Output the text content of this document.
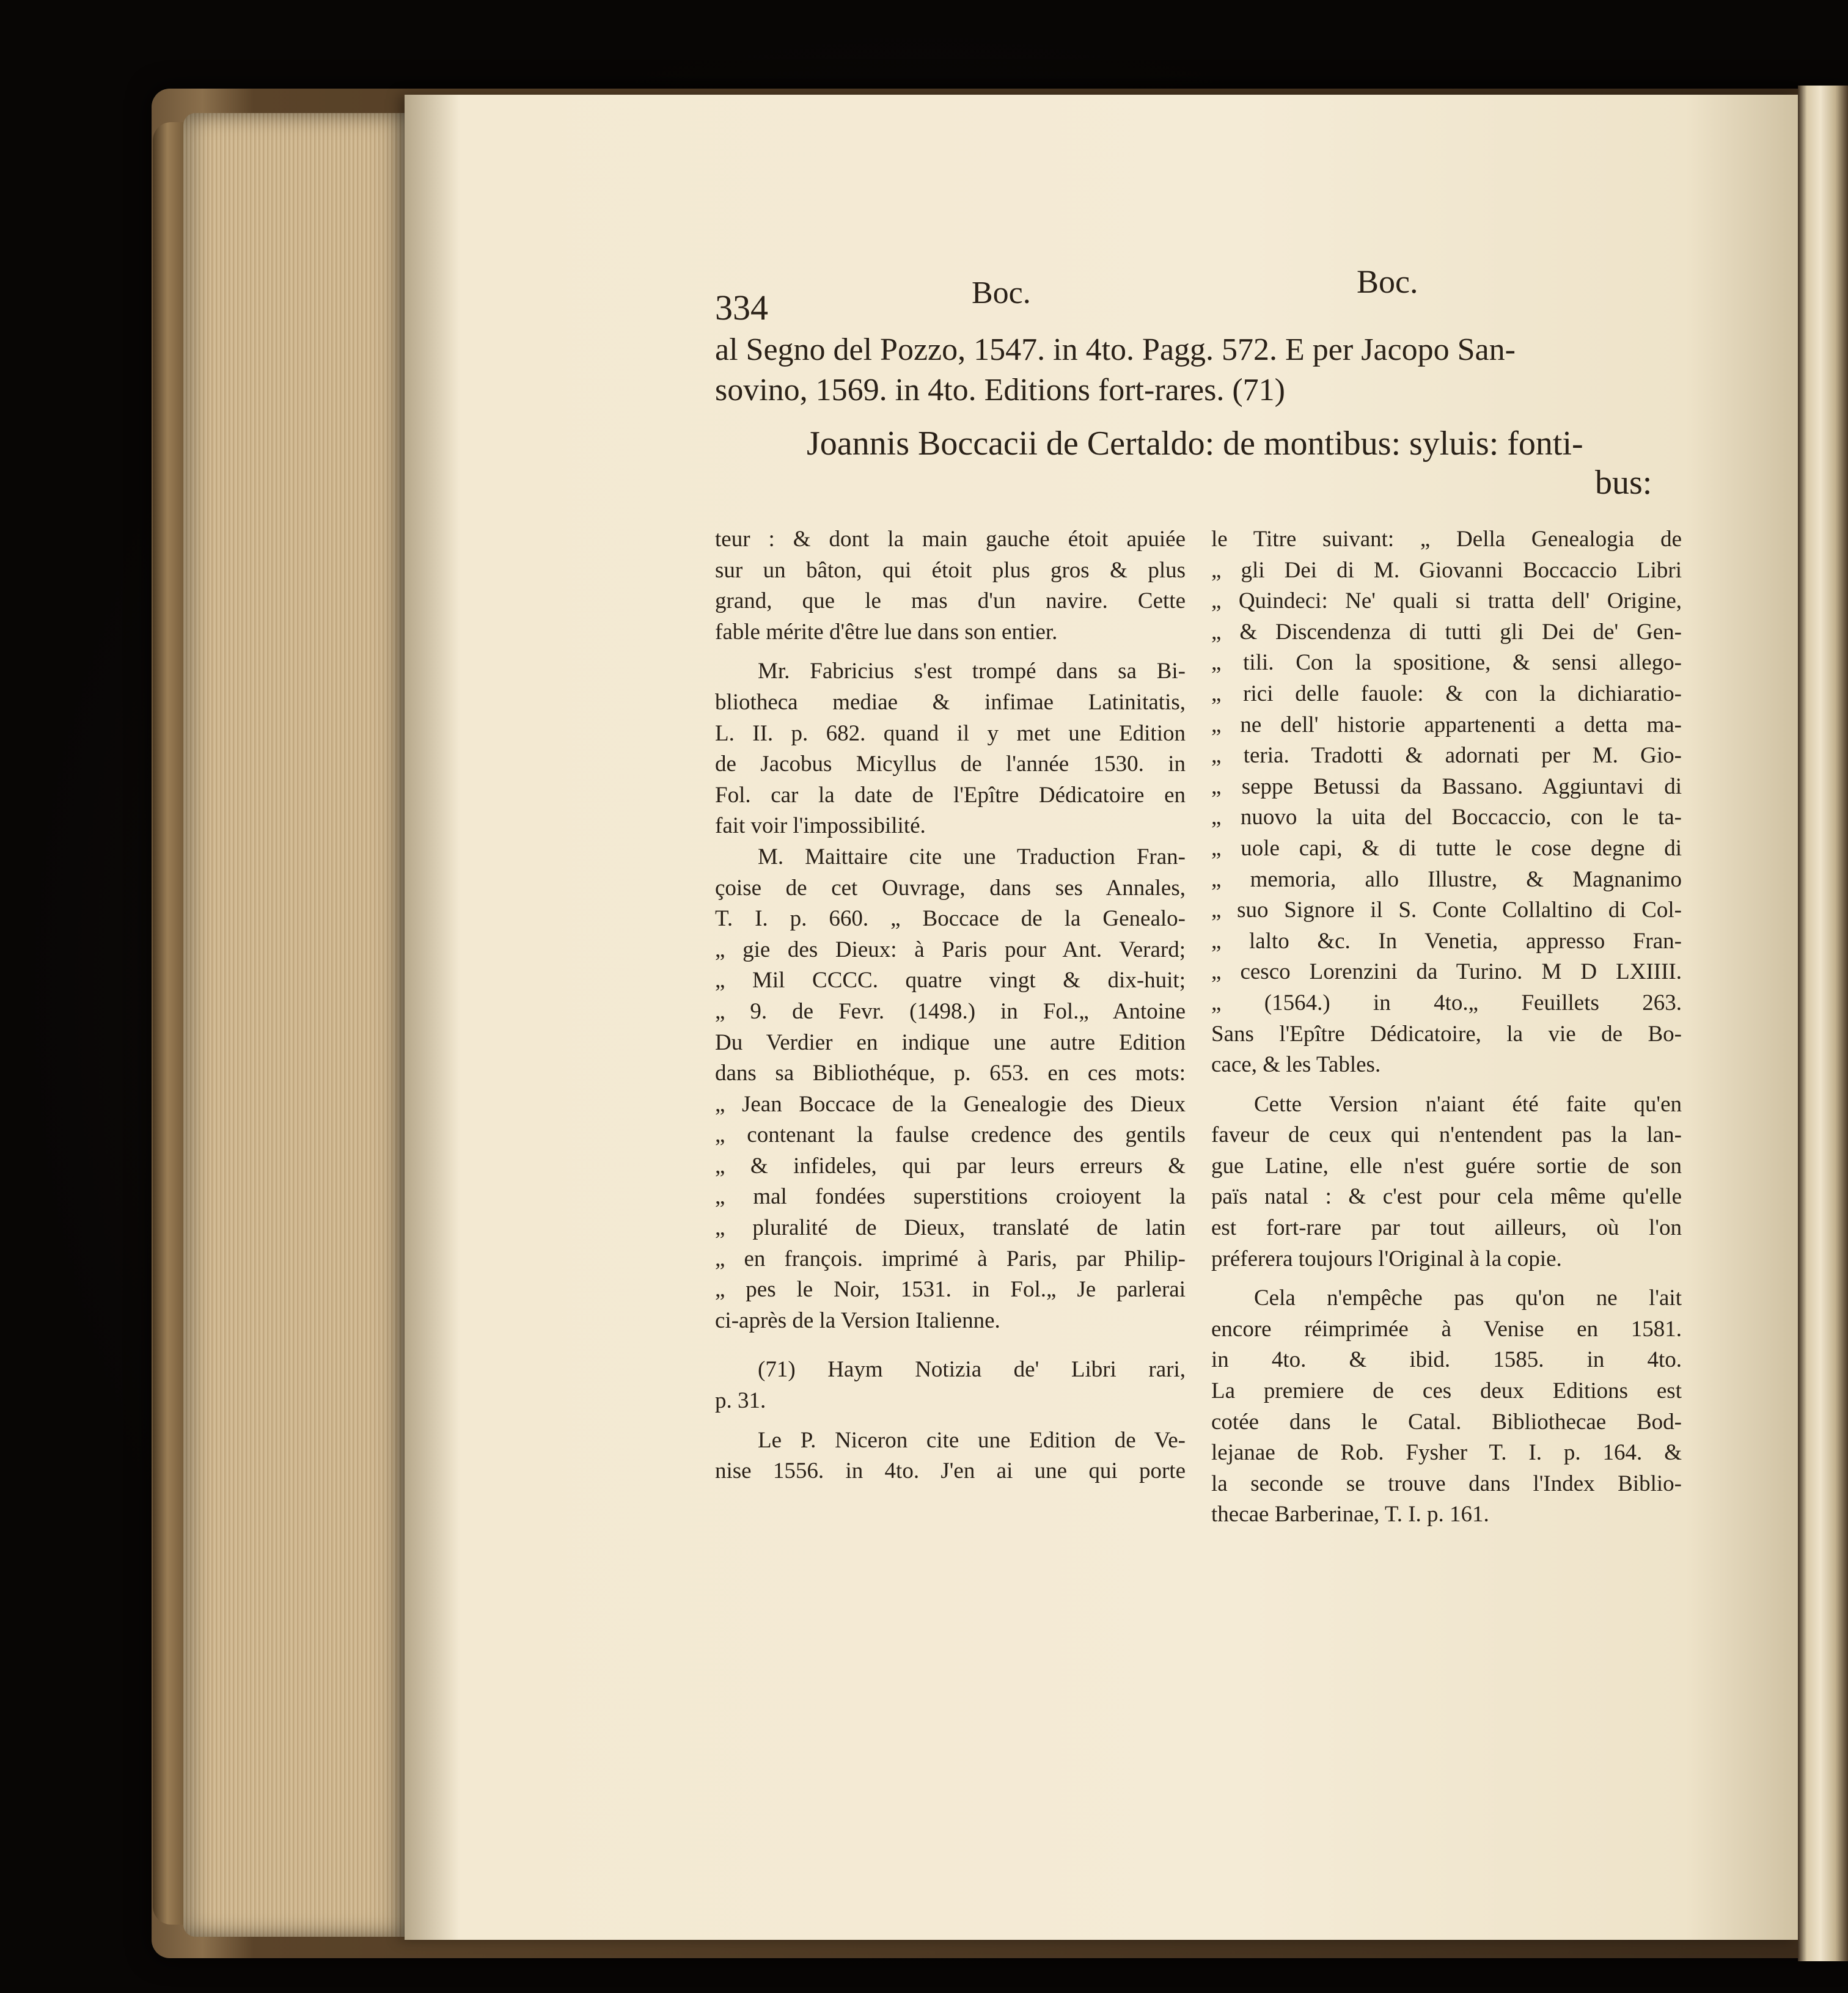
334	Boc.	Boc.
al Segno del Pozzo, 1547. in 4to. Pagg. 572. E per Jacopo San-
sovino, 1569. in 4to. Editions fort-rares. (71)
Joannis Boccacii de Certaldo: de montibus: syluis: fonti-
bus:
teur : & dont la main gauche étoit apuiée
sur un bâton, qui étoit plus gros & plus
grand, que le mas d'un navire. Cette
fable mérite d'être lue dans son entier.
Mr. Fabricius s'est trompé dans sa Bi-
bliotheca mediae & infimae Latinitatis,
L. II. p. 682. quand il y met une Edition
de Jacobus Micyllus de l'année 1530. in
Fol. car la date de l'Epître Dédicatoire en
fait voir l'impossibilité.
M. Maittaire cite une Traduction Fran-
çoise de cet Ouvrage, dans ses Annales,
T. I. p. 660. „ Boccace de la Genealo-
„ gie des Dieux: à Paris pour Ant. Verard;
„ Mil CCCC. quatre vingt & dix-huit;
„ 9. de Fevr. (1498.) in Fol.„ Antoine
Du Verdier en indique une autre Edition
dans sa Bibliothéque, p. 653. en ces mots:
„ Jean Boccace de la Genealogie des Dieux
„ contenant la faulse credence des gentils
„ & infideles, qui par leurs erreurs &
„ mal fondées superstitions croioyent la
„ pluralité de Dieux, translaté de latin
„ en françois. imprimé à Paris, par Philip-
„ pes le Noir, 1531. in Fol.„ Je parlerai
ci-après de la Version Italienne.
(71) Haym Notizia de' Libri rari,
p. 31.
Le P. Niceron cite une Edition de Ve-
nise 1556. in 4to. J'en ai une qui porte
le Titre suivant: „ Della Genealogia de
„ gli Dei di M. Giovanni Boccaccio Libri
„ Quindeci: Ne' quali si tratta dell' Origine,
„ & Discendenza di tutti gli Dei de' Gen-
„ tili. Con la spositione, & sensi allego-
„ rici delle fauole: & con la dichiaratio-
„ ne dell' historie appartenenti a detta ma-
„ teria. Tradotti & adornati per M. Gio-
„ seppe Betussi da Bassano. Aggiuntavi di
„ nuovo la uita del Boccaccio, con le ta-
„ uole capi, & di tutte le cose degne di
„ memoria, allo Illustre, & Magnanimo
„ suo Signore il S. Conte Collaltino di Col-
„ lalto &c. In Venetia, appresso Fran-
„ cesco Lorenzini da Turino. M D LXIIII.
„ (1564.) in 4to.„ Feuillets 263.
Sans l'Epître Dédicatoire, la vie de Bo-
cace, & les Tables.
Cette Version n'aiant été faite qu'en
faveur de ceux qui n'entendent pas la lan-
gue Latine, elle n'est guére sortie de son
païs natal : & c'est pour cela même qu'elle
est fort-rare par tout ailleurs, où l'on
préferera toujours l'Original à la copie.
Cela n'empêche pas qu'on ne l'ait
encore réimprimée à Venise en 1581.
in 4to. & ibid. 1585. in 4to.
La premiere de ces deux Editions est
cotée dans le Catal. Bibliothecae Bod-
lejanae de Rob. Fysher T. I. p. 164. &
la seconde se trouve dans l'Index Biblio-
thecae Barberinae, T. I. p. 161.
